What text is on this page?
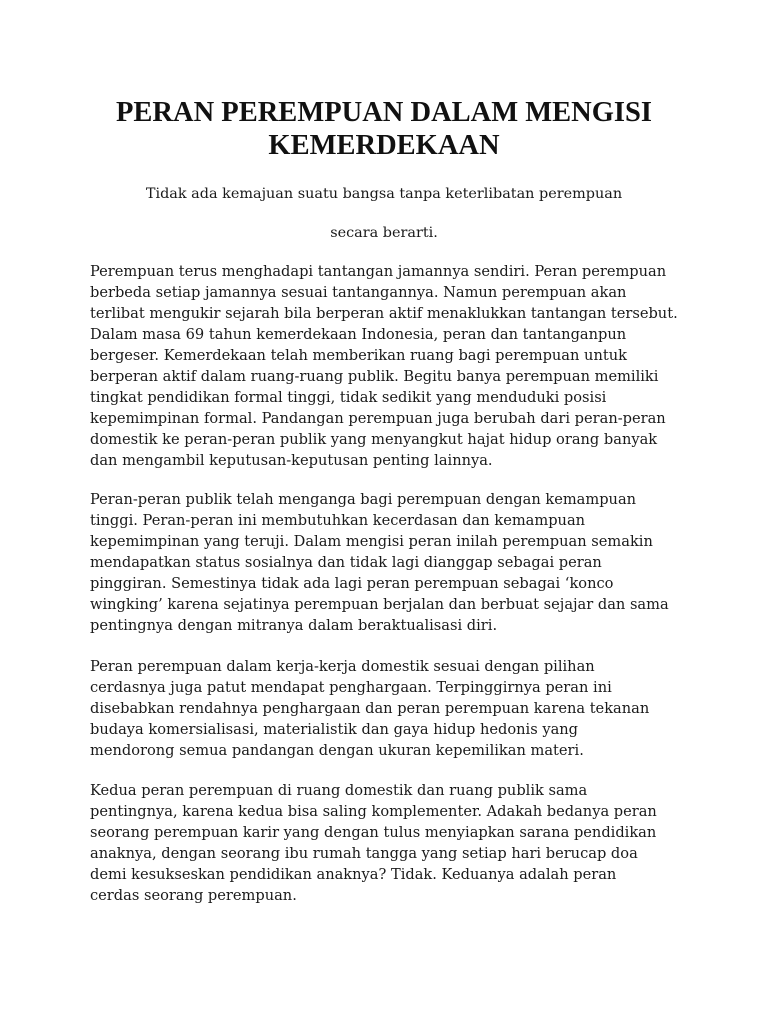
PERAN PEREMPUAN DALAM MENGISI
KEMERDEKAAN

Tidak ada kemajuan suatu bangsa tanpa keterlibatan perempuan

secara berarti.

Perempuan terus menghadapi tantangan jamannya sendiri. Peran perempuan
berbeda setiap jamannya sesuai tantangannya. Namun perempuan akan
terlibat mengukir sejarah bila berperan aktif menaklukkan tantangan tersebut.
Dalam masa 69 tahun kemerdekaan Indonesia, peran dan tantanganpun
bergeser. Kemerdekaan telah memberikan ruang bagi perempuan untuk
berperan aktif dalam ruang-ruang publik. Begitu banya perempuan memiliki
tingkat pendidikan formal tinggi, tidak sedikit yang menduduki posisi
kepemimpinan formal. Pandangan perempuan juga berubah dari peran-peran
domestik ke peran-peran publik yang menyangkut hajat hidup orang banyak
dan mengambil keputusan-keputusan penting lainnya.

Peran-peran publik telah menganga bagi perempuan dengan kemampuan
tinggi. Peran-peran ini membutuhkan kecerdasan dan kemampuan
kepemimpinan yang teruji. Dalam mengisi peran inilah perempuan semakin
mendapatkan status sosialnya dan tidak lagi dianggap sebagai peran
pinggiran. Semestinya tidak ada lagi peran perempuan sebagai ‘konco
wingking’ karena sejatinya perempuan berjalan dan berbuat sejajar dan sama
pentingnya dengan mitranya dalam beraktualisasi diri.

Peran perempuan dalam kerja-kerja domestik sesuai dengan pilihan
cerdasnya juga patut mendapat penghargaan. Terpinggirnya peran ini
disebabkan rendahnya penghargaan dan peran perempuan karena tekanan
budaya komersialisasi, materialistik dan gaya hidup hedonis yang
mendorong semua pandangan dengan ukuran kepemilikan materi.

Kedua peran perempuan di ruang domestik dan ruang publik sama
pentingnya, karena kedua bisa saling komplementer. Adakah bedanya peran
seorang perempuan karir yang dengan tulus menyiapkan sarana pendidikan
anaknya, dengan seorang ibu rumah tangga yang setiap hari berucap doa
demi kesukseskan pendidikan anaknya? Tidak. Keduanya adalah peran
cerdas seorang perempuan.
